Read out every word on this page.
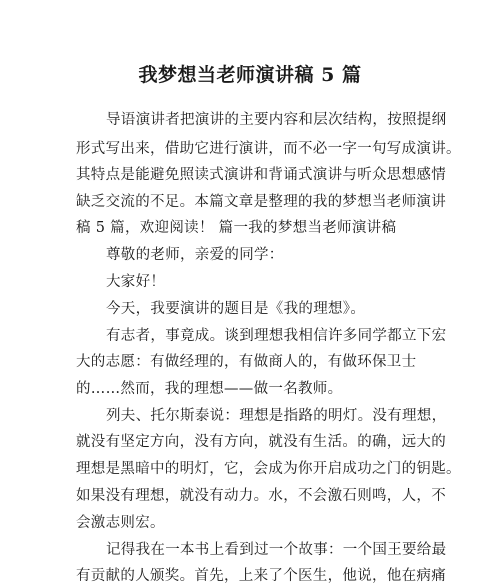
我梦想当老师演讲稿 5 篇
导语演讲者把演讲的主要内容和层次结构，按照提纲
形式写出来，借助它进行演讲，而不必一字一句写成演讲。
其特点是能避免照读式演讲和背诵式演讲与听众思想感情
缺乏交流的不足。本篇文章是整理的我的梦想当老师演讲
稿 5 篇，欢迎阅读！ 篇一我的梦想当老师演讲稿
尊敬的老师，亲爱的同学：
大家好！
今天，我要演讲的题目是《我的理想》。
有志者，事竟成。谈到理想我相信许多同学都立下宏
大的志愿：有做经理的，有做商人的，有做环保卫士
的……然而，我的理想——做一名教师。
列夫、托尔斯泰说：理想是指路的明灯。没有理想，
就没有坚定方向，没有方向，就没有生活。的确，远大的
理想是黑暗中的明灯，它，会成为你开启成功之门的钥匙。
如果没有理想，就没有动力。水，不会激石则鸣，人，不
会激志则宏。
记得我在一本书上看到过一个故事：一个国王要给最
有贡献的人颁奖。首先，上来了个医生，他说，他在病痛
